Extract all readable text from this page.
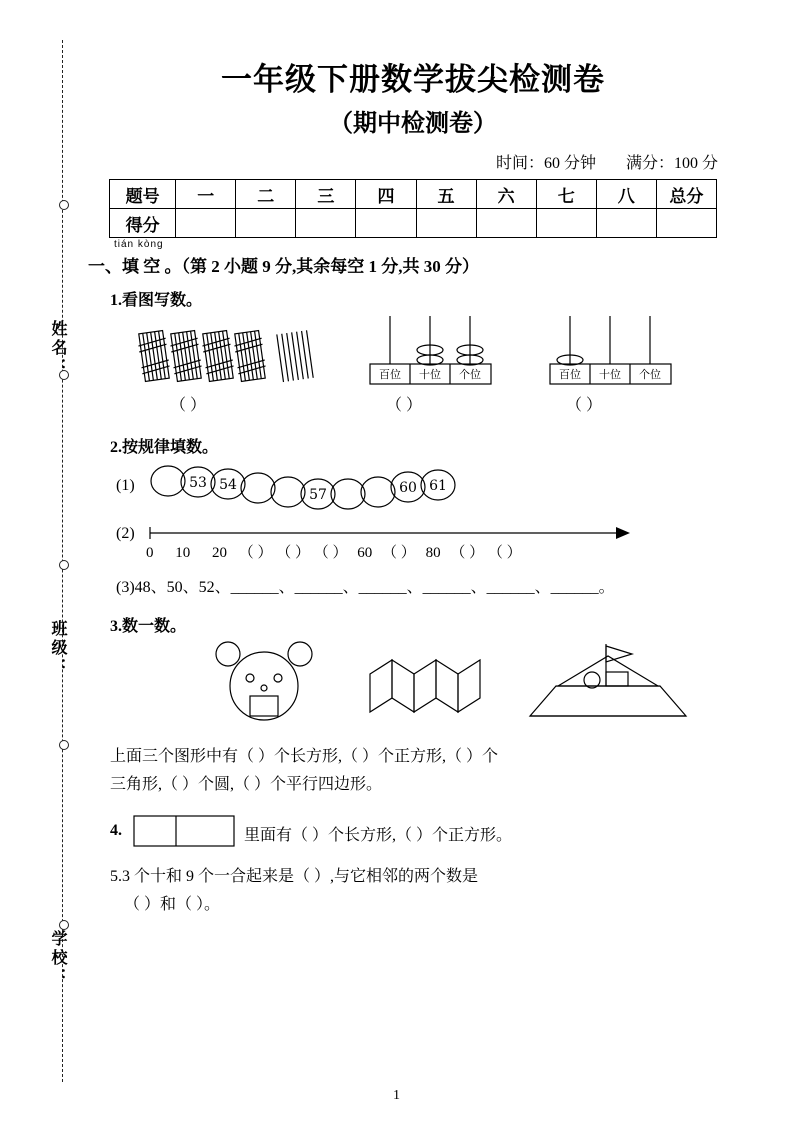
姓名：
班级：
学校：
一年级下册数学拔尖检测卷
（期中检测卷）
时间：60 分钟 满分：100 分
题号	一	二	三	四	五	六	七	八	总分
得分									
tián kòng
一、填 空 。（第 2 小题 9 分,其余每空 1 分,共 30 分）
1.看图写数。
百位 十位 个位	百位 十位 个位
（ ）	（ ）	（ ）
2.按规律填数。
(1)	53 54
57	60 61
(2)
0 10 20 （ ） （ ） （ ） 60 （ ） 80 （ ） （ ）
(3)48、50、52、______、______、______、______、______、______。
3.数一数。
上面三个图形中有（ ）个长方形,（ ）个正方形,（ ）个
三角形,（ ）个圆,（ ）个平行四边形。
4.	里面有（ ）个长方形,（ ）个正方形。
5.3 个十和 9 个一合起来是（ ）,与它相邻的两个数是
（ ）和（ ）。
1
